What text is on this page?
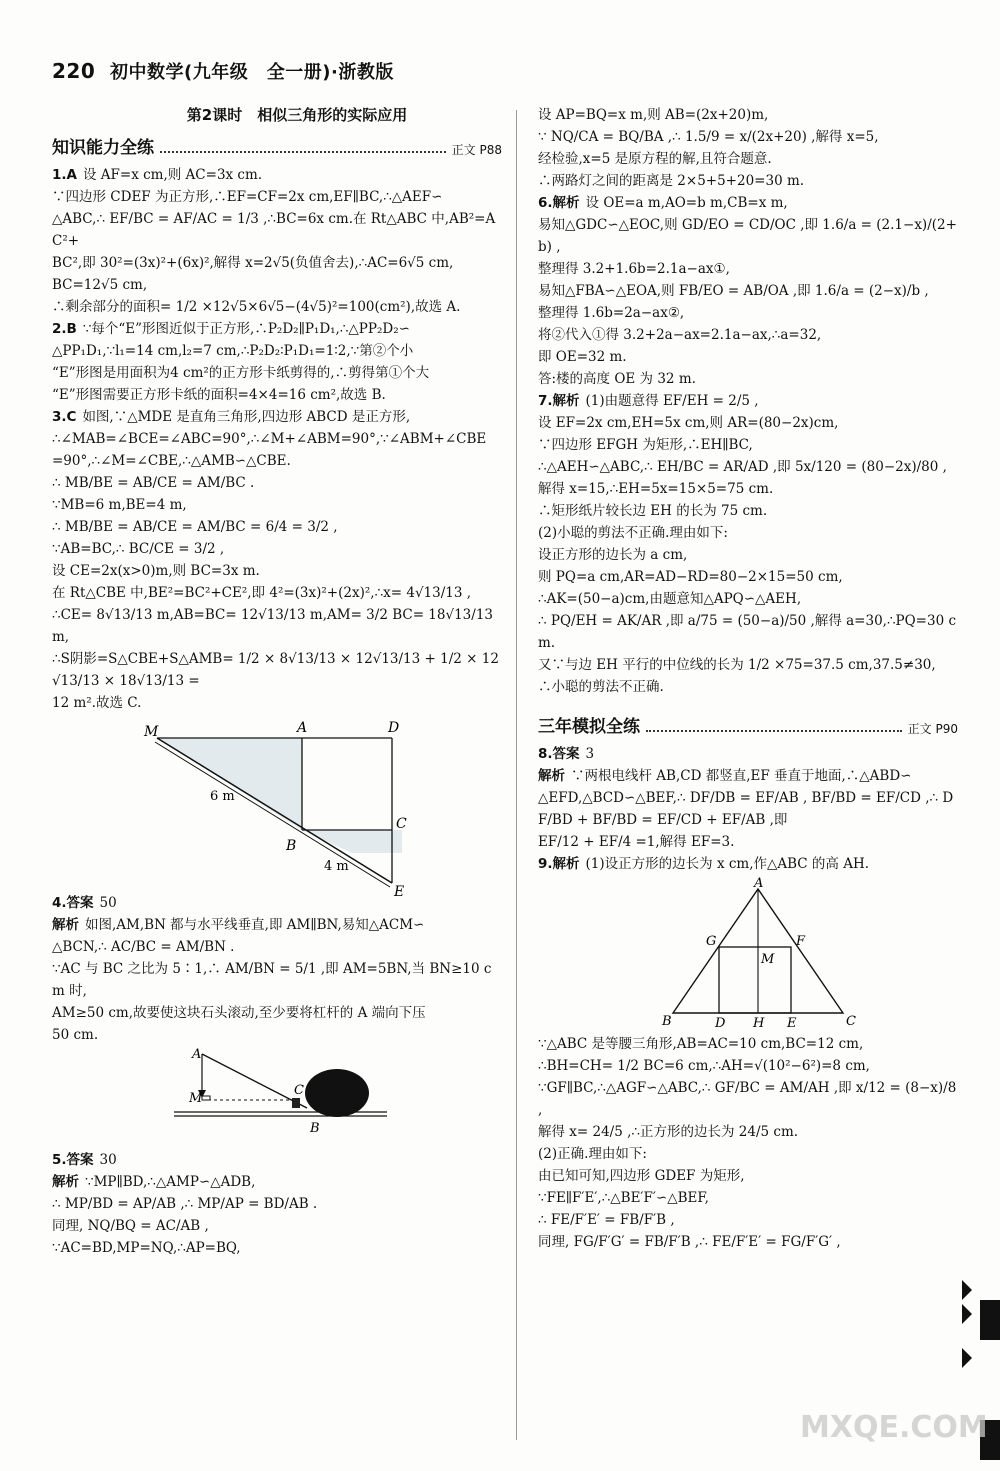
220 初中数学(九年级　全一册)·浙教版
第2课时　相似三角形的实际应用
知识能力全练	正文 P88
1.A 设 AF=x cm,则 AC=3x cm.
∵四边形 CDEF 为正方形,∴EF=CF=2x cm,EF∥BC,∴△AEF∽
△ABC,∴ EF/BC = AF/AC = 1/3 ,∴BC=6x cm.在 Rt△ABC 中,AB²=AC²+
BC²,即 30²=(3x)²+(6x)²,解得 x=2√5(负值舍去),∴AC=6√5 cm,
BC=12√5 cm,
∴剩余部分的面积= 1/2 ×12√5×6√5−(4√5)²=100(cm²),故选 A.
2.B ∵每个“E”形图近似于正方形,∴P₂D₂∥P₁D₁,∴△PP₂D₂∽
△PP₁D₁,∵l₁=14 cm,l₂=7 cm,∴P₂D₂∶P₁D₁=1∶2,∵第②个小
“E”形图是用面积为4 cm²的正方形卡纸剪得的,∴剪得第①个大
“E”形图需要正方形卡纸的面积=4×4=16 cm²,故选 B.
3.C 如图,∵△MDE 是直角三角形,四边形 ABCD 是正方形,
∴∠MAB=∠BCE=∠ABC=90°,∴∠M+∠ABM=90°,∵∠ABM+∠CBE
=90°,∴∠M=∠CBE,∴△AMB∽△CBE.
∴ MB/BE = AB/CE = AM/BC .
∵MB=6 m,BE=4 m,
∴ MB/BE = AB/CE = AM/BC = 6/4 = 3/2 ,
∵AB=BC,∴ BC/CE = 3/2 ,
设 CE=2x(x>0)m,则 BC=3x m.
在 Rt△CBE 中,BE²=BC²+CE²,即 4²=(3x)²+(2x)²,∴x= 4√13/13 ,
∴CE= 8√13/13 m,AB=BC= 12√13/13 m,AM= 3/2 BC= 18√13/13 m,
∴S阴影=S△CBE+S△AMB= 1/2 × 8√13/13 × 12√13/13 + 1/2 × 12√13/13 × 18√13/13 =
12 m².故选 C.
M	A	D
C
B
E
6 m
4 m
4.答案 50
解析 如图,AM,BN 都与水平线垂直,即 AM∥BN,易知△ACM∽
△BCN,∴ AC/BC = AM/BN .
∵AC 与 BC 之比为 5∶1,∴ AM/BN = 5/1 ,即 AM=5BN,当 BN≥10 cm 时,
AM≥50 cm,故要使这块石头滚动,至少要将杠杆的 A 端向下压
50 cm.
A
M
C
B
5.答案 30
解析 ∵MP∥BD,∴△AMP∽△ADB,
∴ MP/BD = AP/AB ,∴ MP/AP = BD/AB .
同理, NQ/BQ = AC/AB ,
∵AC=BD,MP=NQ,∴AP=BQ,
设 AP=BQ=x m,则 AB=(2x+20)m,
∵ NQ/CA = BQ/BA ,∴ 1.5/9 = x/(2x+20) ,解得 x=5,
经检验,x=5 是原方程的解,且符合题意.
∴两路灯之间的距离是 2×5+5+20=30 m.
6.解析 设 OE=a m,AO=b m,CB=x m,
易知△GDC∽△EOC,则 GD/EO = CD/OC ,即 1.6/a = (2.1−x)/(2+b) ,
整理得 3.2+1.6b=2.1a−ax①,
易知△FBA∽△EOA,则 FB/EO = AB/OA ,即 1.6/a = (2−x)/b ,
整理得 1.6b=2a−ax②,
将②代入①得 3.2+2a−ax=2.1a−ax,∴a=32,
即 OE=32 m.
答:楼的高度 OE 为 32 m.
7.解析 (1)由题意得 EF/EH = 2/5 ,
设 EF=2x cm,EH=5x cm,则 AR=(80−2x)cm,
∵四边形 EFGH 为矩形,∴EH∥BC,
∴△AEH∽△ABC,∴ EH/BC = AR/AD ,即 5x/120 = (80−2x)/80 ,
解得 x=15,∴EH=5x=15×5=75 cm.
∴矩形纸片较长边 EH 的长为 75 cm.
(2)小聪的剪法不正确.理由如下:
设正方形的边长为 a cm,
则 PQ=a cm,AR=AD−RD=80−2×15=50 cm,
∴AK=(50−a)cm,由题意知△APQ∽△AEH,
∴ PQ/EH = AK/AR ,即 a/75 = (50−a)/50 ,解得 a=30,∴PQ=30 cm.
又∵与边 EH 平行的中位线的长为 1/2 ×75=37.5 cm,37.5≠30,
∴小聪的剪法不正确.
三年模拟全练	正文 P90
8.答案 3
解析 ∵两根电线杆 AB,CD 都竖直,EF 垂直于地面,∴△ABD∽
△EFD,△BCD∽△BEF,∴ DF/DB = EF/AB , BF/BD = EF/CD ,∴ DF/BD + BF/BD = EF/CD + EF/AB ,即
EF/12 + EF/4 =1,解得 EF=3.
9.解析 (1)设正方形的边长为 x cm,作△ABC 的高 AH.
A
G	F
M
B	D H E	C
∵△ABC 是等腰三角形,AB=AC=10 cm,BC=12 cm,
∴BH=CH= 1/2 BC=6 cm,∴AH=√(10²−6²)=8 cm,
∵GF∥BC,∴△AGF∽△ABC,∴ GF/BC = AM/AH ,即 x/12 = (8−x)/8 ,
解得 x= 24/5 ,∴正方形的边长为 24/5 cm.
(2)正确.理由如下:
由已知可知,四边形 GDEF 为矩形,
∵FE∥F′E′,∴△BE′F′∽△BEF,
∴ FE/F′E′ = FB/F′B ,
同理, FG/F′G′ = FB/F′B ,∴ FE/F′E′ = FG/F′G′ ,
MXQE.COM
